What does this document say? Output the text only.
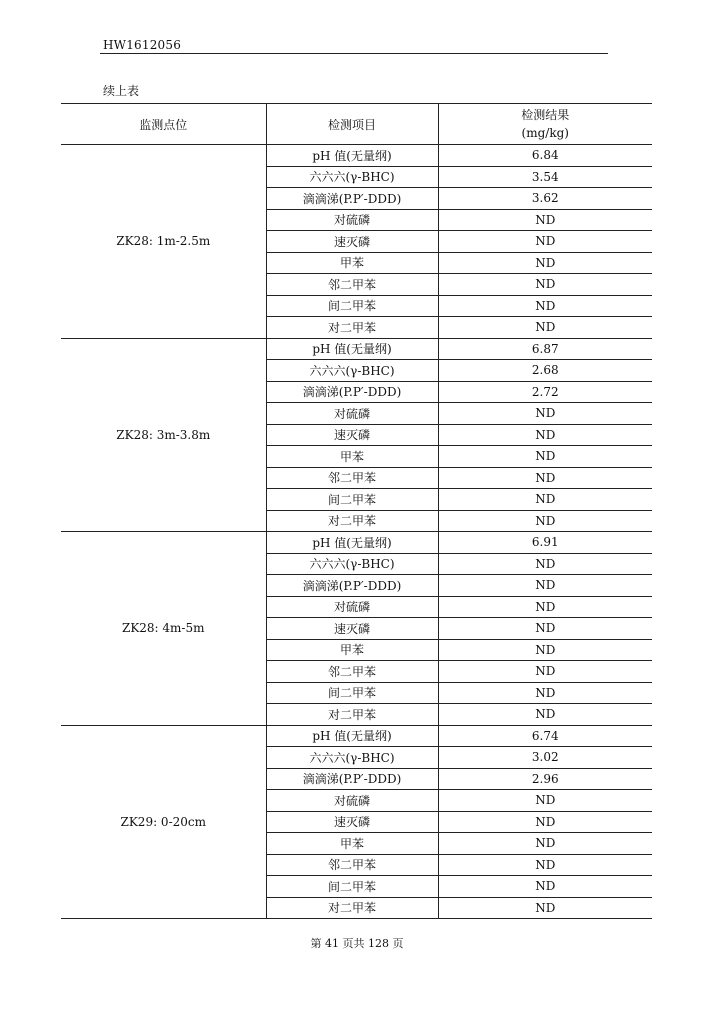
HW1612056
续上表
监测点位	检测项目	检测结果
(mg/kg)

ZK28: 1m-2.5m	pH 值(无量纲)	6.84
	六六六(γ-BHC)	3.54
	滴滴涕(P.P′-DDD)	3.62
	对硫磷	ND
	速灭磷	ND
	甲苯	ND
	邻二甲苯	ND
	间二甲苯	ND
	对二甲苯	ND
ZK28: 3m-3.8m	pH 值(无量纲)	6.87
	六六六(γ-BHC)	2.68
	滴滴涕(P.P′-DDD)	2.72
	对硫磷	ND
	速灭磷	ND
	甲苯	ND
	邻二甲苯	ND
	间二甲苯	ND
	对二甲苯	ND
ZK28: 4m-5m	pH 值(无量纲)	6.91
	六六六(γ-BHC)	ND
	滴滴涕(P.P′-DDD)	ND
	对硫磷	ND
	速灭磷	ND
	甲苯	ND
	邻二甲苯	ND
	间二甲苯	ND
	对二甲苯	ND
ZK29: 0-20cm	pH 值(无量纲)	6.74
	六六六(γ-BHC)	3.02
	滴滴涕(P.P′-DDD)	2.96
	对硫磷	ND
	速灭磷	ND
	甲苯	ND
	邻二甲苯	ND
	间二甲苯	ND
	对二甲苯	ND
第 41 页共 128 页
